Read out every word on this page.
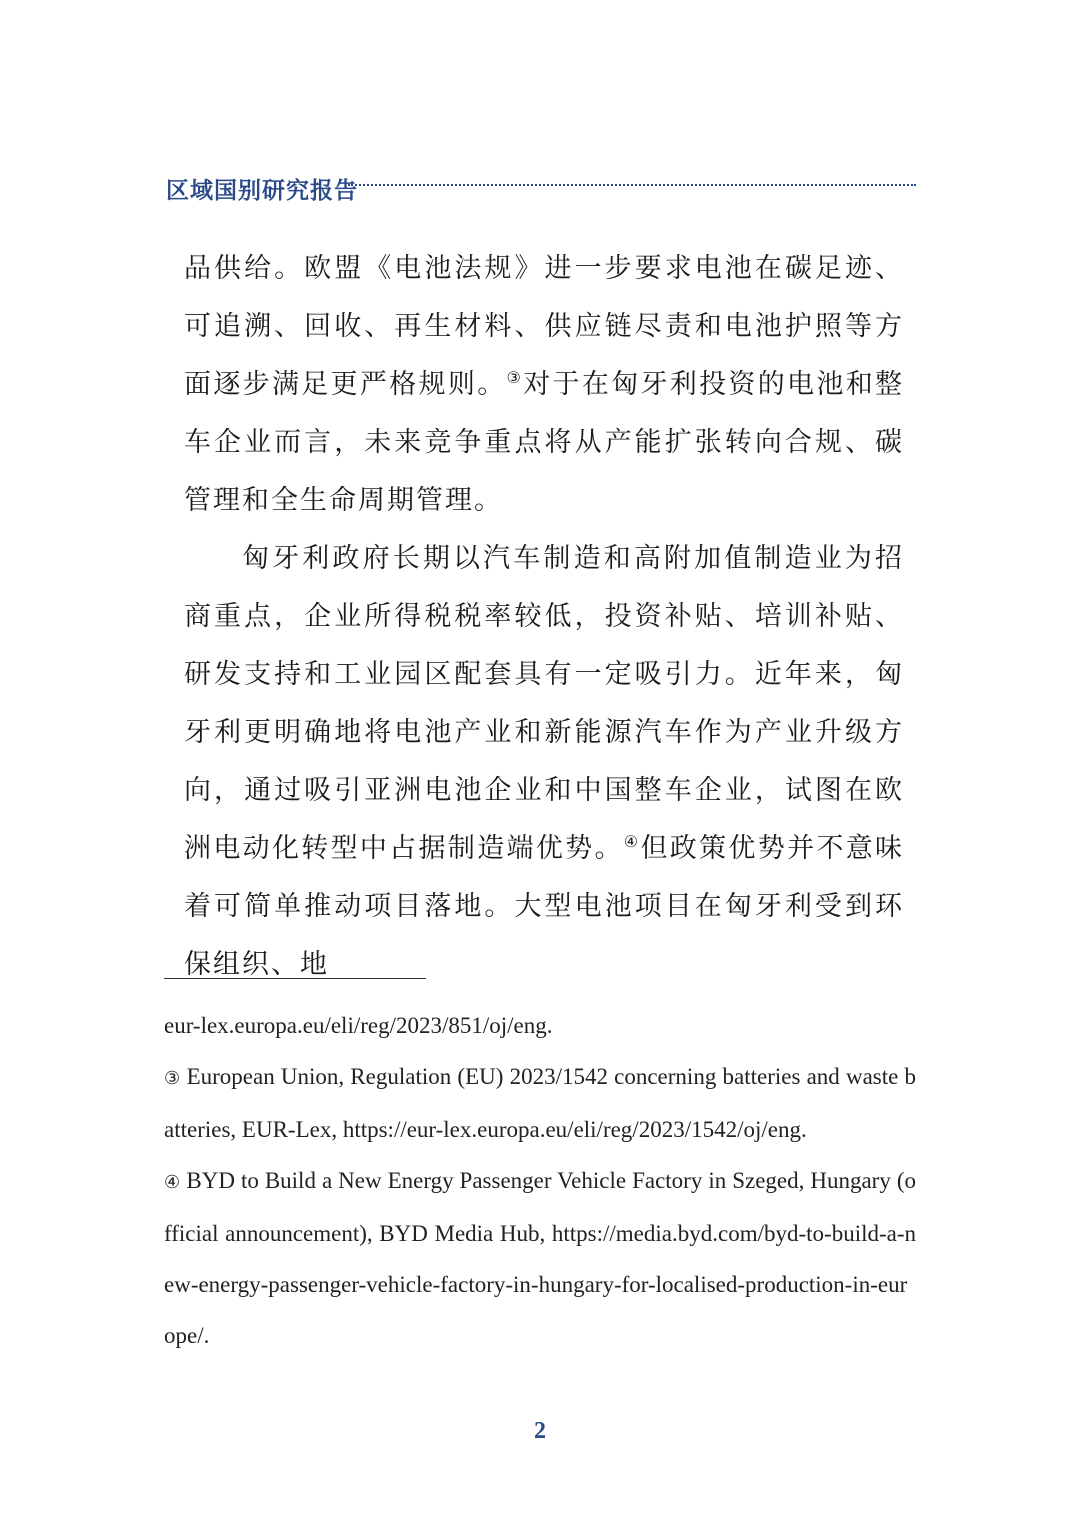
区域国别研究报告

品供给。欧盟《电池法规》进一步要求电池在碳足迹、可追溯、回收、再生材料、供应链尽责和电池护照等方面逐步满足更严格规则。③对于在匈牙利投资的电池和整车企业而言，未来竞争重点将从产能扩张转向合规、碳管理和全生命周期管理。

匈牙利政府长期以汽车制造和高附加值制造业为招商重点，企业所得税税率较低，投资补贴、培训补贴、研发支持和工业园区配套具有一定吸引力。近年来，匈牙利更明确地将电池产业和新能源汽车作为产业升级方向，通过吸引亚洲电池企业和中国整车企业，试图在欧洲电动化转型中占据制造端优势。④但政策优势并不意味着可简单推动项目落地。大型电池项目在匈牙利受到环保组织、地

eur-lex.europa.eu/eli/reg/2023/851/oj/eng.

③ European Union, Regulation (EU) 2023/1542 concerning batteries and waste batteries, EUR-Lex, https://eur-lex.europa.eu/eli/reg/2023/1542/oj/eng.

④ BYD to Build a New Energy Passenger Vehicle Factory in Szeged, Hungary (official announcement), BYD Media Hub, https://media.byd.com/byd-to-build-a-new-energy-passenger-vehicle-factory-in-hungary-for-localised-production-in-europe/.

2
